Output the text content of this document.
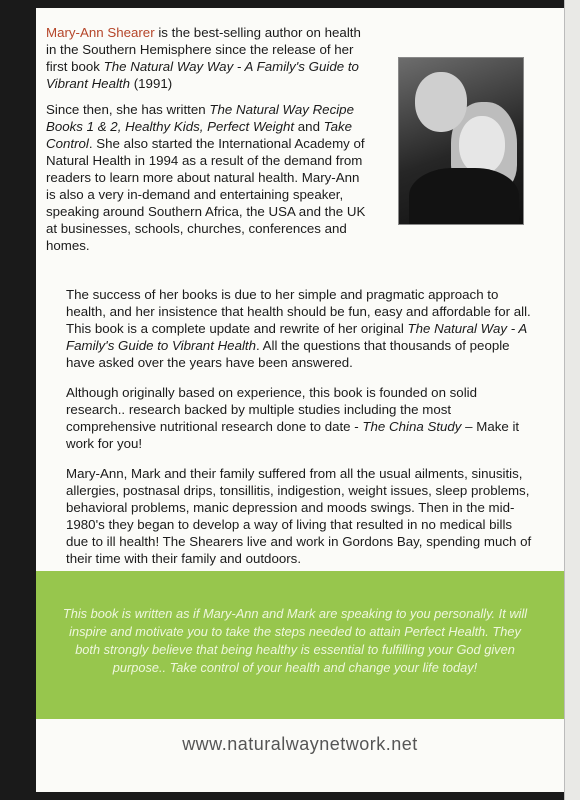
Mary-Ann Shearer is the best-selling author on health in the Southern Hemisphere since the release of her first book The Natural Way Way - A Family's Guide to Vibrant Health (1991)

Since then, she has written The Natural Way Recipe Books 1 & 2, Healthy Kids, Perfect Weight and Take Control. She also started the International Academy of Natural Health in 1994 as a result of the demand from readers to learn more about natural health. Mary-Ann is also a very in-demand and entertaining speaker, speaking around Southern Africa, the USA and the UK at businesses, schools, churches, conferences and homes.

The success of her books is due to her simple and pragmatic approach to health, and her insistence that health should be fun, easy and affordable for all. This book is a complete update and rewrite of her original The Natural Way - A Family's Guide to Vibrant Health. All the questions that thousands of people have asked over the years have been answered.

Although originally based on experience, this book is founded on solid research.. research backed by multiple studies including the most comprehensive nutritional research done to date - The China Study – Make it work for you!

Mary-Ann, Mark and their family suffered from all the usual ailments, sinusitis, allergies, postnasal drips, tonsillitis, indigestion, weight issues, sleep problems, behavioral problems, manic depression and moods swings. Then in the mid-1980's they began to develop a way of living that resulted in no medical bills due to ill health! The Shearers live and work in Gordons Bay, spending much of their time with their family and outdoors.

This book is written as if Mary-Ann and Mark are speaking to you personally. It will inspire and motivate you to take the steps needed to attain Perfect Health. They both strongly believe that being healthy is essential to fulfilling your God given purpose.. Take control of your health and change your life today!

www.naturalwaynetwork.net
